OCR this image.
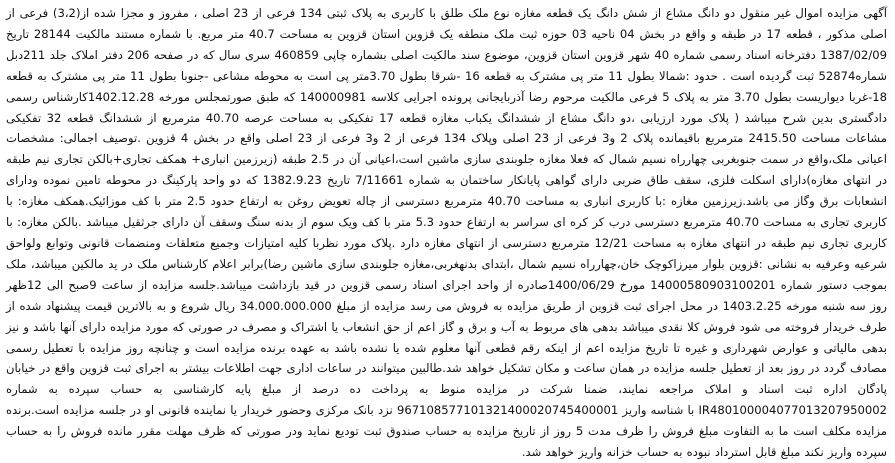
آگهی مزایده اموال غیر منقول دو دانگ مشاع از شش دانگ یک قطعه مغازه نوع ملک طلق با کاربری به پلاک ثبتی 134 فرعی از 23 اصلی ، مفروز و مجزا شده از(3،2) فرعی از اصلی مذکور ، قطعه 17 در طبقه و واقع در بخش 04 ناحیه 03 حوزه ثبت ملک منطقه یک قزوین استان قزوین به مساحت 40.7 متر مربع. با شماره مستند مالکیت 28144 تاریخ 1387/02/09 دفترخانه اسناد رسمی شماره 40 شهر قزوین استان قزوین، موضوع سند مالکیت اصلی بشماره چاپی 460859 سری سال که در صفحه 206 دفتر املاک جلد 211دبل شماره52874 ثبت گردیده است . حدود :شمالا بطول 11 متر پی مشترک به قطعه 16 -شرقا بطول 3.70متر پی است به محوطه مشاعی -جنوبا بطول 11 متر پی مشترک به قطعه 18-غربا دیواریست بطول 3.70 متر به پلاک 5 فرعی مالکیت مرحوم رضا آذربایجانی پرونده اجرایی کلاسه 140000981 که طبق صورتمجلس مورخه 1402.12.28کارشناس رسمی دادگستری بدین شرح میباشد ( پلاک مورد ارزیابی ،دو دانگ مشاع از ششدانگ یکباب مغازه قطعه 17 تفکیکی به مساحت عرصه 40.70 مترمربع از ششدانگ قطعه 32 تفکیکی مشاعات مساحت 2415.50 مترمربع باقیمانده پلاک 2 و3 فرعی از 23 اصلی وپلاک 134 فرعی از 2 و3 فرعی از 23 اصلی واقع در بخش 4 قزوین .توصیف اجمالی: مشخصات اعیانی ملک،واقع در سمت جنوبغربی چهارراه نسیم شمال که فعلا مغازه جلوبندی سازی ماشین است،اعیانی آن در 2.5 طبقه (زیرزمین انباری+ همکف تجاری+بالکن تجاری نیم طبقه در انتهای مغازه)دارای اسکلت فلزی، سقف طاق ضربی دارای گواهی پایانکار ساختمان به شماره 7/11661 تاریخ 1382.9.23 که دو واحد پارکینگ در محوطه تامین نموده ودارای انشعابات برق وگاز می باشد.زیرزمین مغازه :با کاربری انباری به مساحت 40.70 مترمربع دسترسی از چاله تعویض روغن به ارتفاع حدود 2.5 متر با کف موزائیک.همکف مغازه: با کاربری تجاری به مساحت 40.70 مترمربع دسترسی درب کر کره ای سراسر به ارتفاع حدود 5.3 متر با کف ویک سوم از بدنه سنگ وسقف آن دارای جرثقیل میباشد .بالکن مغازه: با کاربری تجاری نیم طبقه در انتهای مغازه به مساحت 12/21 مترمربع دسترسی از انتهای مغازه دارد .پلاک مورد نظربا کلیه امتیازات وجمیع متعلقات ومنضمات قانونی وتوابع ولواحق شرعیه وعرفیه به نشانی :قزوین بلوار میرزاکوچک خان،چهارراه نسیم شمال ،ابتدای بدنهغربی،مغازه جلوبندی سازی ماشین رضا)برابر اعلام کارشناس ملک در ید مالکین میباشد، ملک بموجب دستور شماره 14000580903100201 مورخ 1400/06/29صادره از واحد اجرای اسناد رسمی قزوین در قید بازداشت میباشد.جلسه مزایده از ساعت 9صبح الی 12ظهر روز سه شنبه مورخه 1403.2.25 در محل اجرای ثبت قزوین از طریق مزایده به فروش می رسد مزایده از مبلغ 34.000.000.000 ریال شروع و به بالاترین قیمت پیشنهاد شده از طرف خریدار فروخته می شود فروش کلا نقدی میباشد بدهی های مربوط به آب و برق و گاز اعم از حق انشعاب یا اشتراک و مصرف در صورتی که مورد مزایده دارای آنها باشد و نیز بدهی مالیاتی و عوارض شهرداری و غیره تا تاریخ مزایده اعم از اینکه رقم قطعی آنها معلوم شده یا نشده باشد به عهده برنده مزایده است و چنانچه روز مزایده با تعطیل رسمی مصادف گردد در روز بعد از تعطیل جلسه مزایده در همان ساعت و مکان تشکیل خواهد شد.طالبین میتوانند در ساعات اداری جهت اطلاعات بیشتر به اجرای ثبت قزوین واقع در خیابان پادگان اداره ثبت اسناد و املاک مراجعه نمایند، ضمنا شرکت در مزایده منوط به پرداخت ده درصد از مبلغ پایه کارشناسی به حساب سپرده به شماره IR480100004077013207950002 با شناسه واریز 967108577101321400020745400001 نزد بانک مرکزی وحضور خریدار یا نماینده قانونی او در جلسه مزایده است.برنده مزایده مکلف است ما به التفاوت مبلغ فروش را ظرف مدت 5 روز از تاریخ مزایده به حساب صندوق ثبت تودیع نماید ودر صورتی که ظرف مهلت مقرر مانده فروش را به حساب سپرده واریز نکند مبلغ قابل استرداد نبوده به حساب خزانه واریز خواهد شد.
